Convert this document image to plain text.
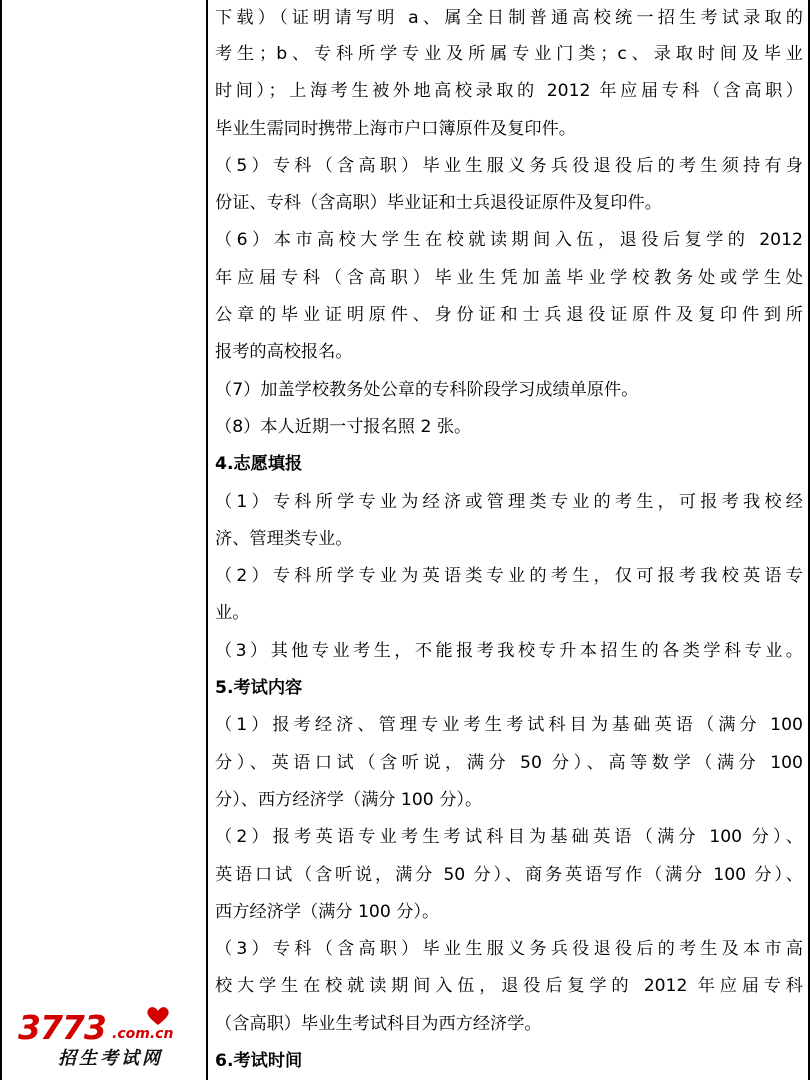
下载）（证明请写明 a、属全日制普通高校统一招生考试录取的
考生；b、专科所学专业及所属专业门类；c、录取时间及毕业
时间）；上海考生被外地高校录取的 2012 年应届专科（含高职）
毕业生需同时携带上海市户口簿原件及复印件。
（5）专科（含高职）毕业生服义务兵役退役后的考生须持有身
份证、专科（含高职）毕业证和士兵退役证原件及复印件。
（6）本市高校大学生在校就读期间入伍，退役后复学的 2012
年应届专科（含高职）毕业生凭加盖毕业学校教务处或学生处
公章的毕业证明原件、身份证和士兵退役证原件及复印件到所
报考的高校报名。
（7）加盖学校教务处公章的专科阶段学习成绩单原件。
（8）本人近期一寸报名照 2 张。
4.志愿填报
（1）专科所学专业为经济或管理类专业的考生，可报考我校经
济、管理类专业。
（2）专科所学专业为英语类专业的考生，仅可报考我校英语专
业。
（3）其他专业考生，不能报考我校专升本招生的各类学科专业。
5.考试内容
（1）报考经济、管理专业考生考试科目为基础英语（满分 100
分）、英语口试（含听说，满分 50 分）、高等数学（满分 100
分）、西方经济学（满分 100 分）。
（2）报考英语专业考生考试科目为基础英语（满分 100 分）、
英语口试（含听说，满分 50 分）、商务英语写作（满分 100 分）、
西方经济学（满分 100 分）。
（3）专科（含高职）毕业生服义务兵役退役后的考生及本市高
校大学生在校就读期间入伍，退役后复学的 2012 年应届专科
（含高职）毕业生考试科目为西方经济学。
6.考试时间
3773 .com.cn
招生考试网
